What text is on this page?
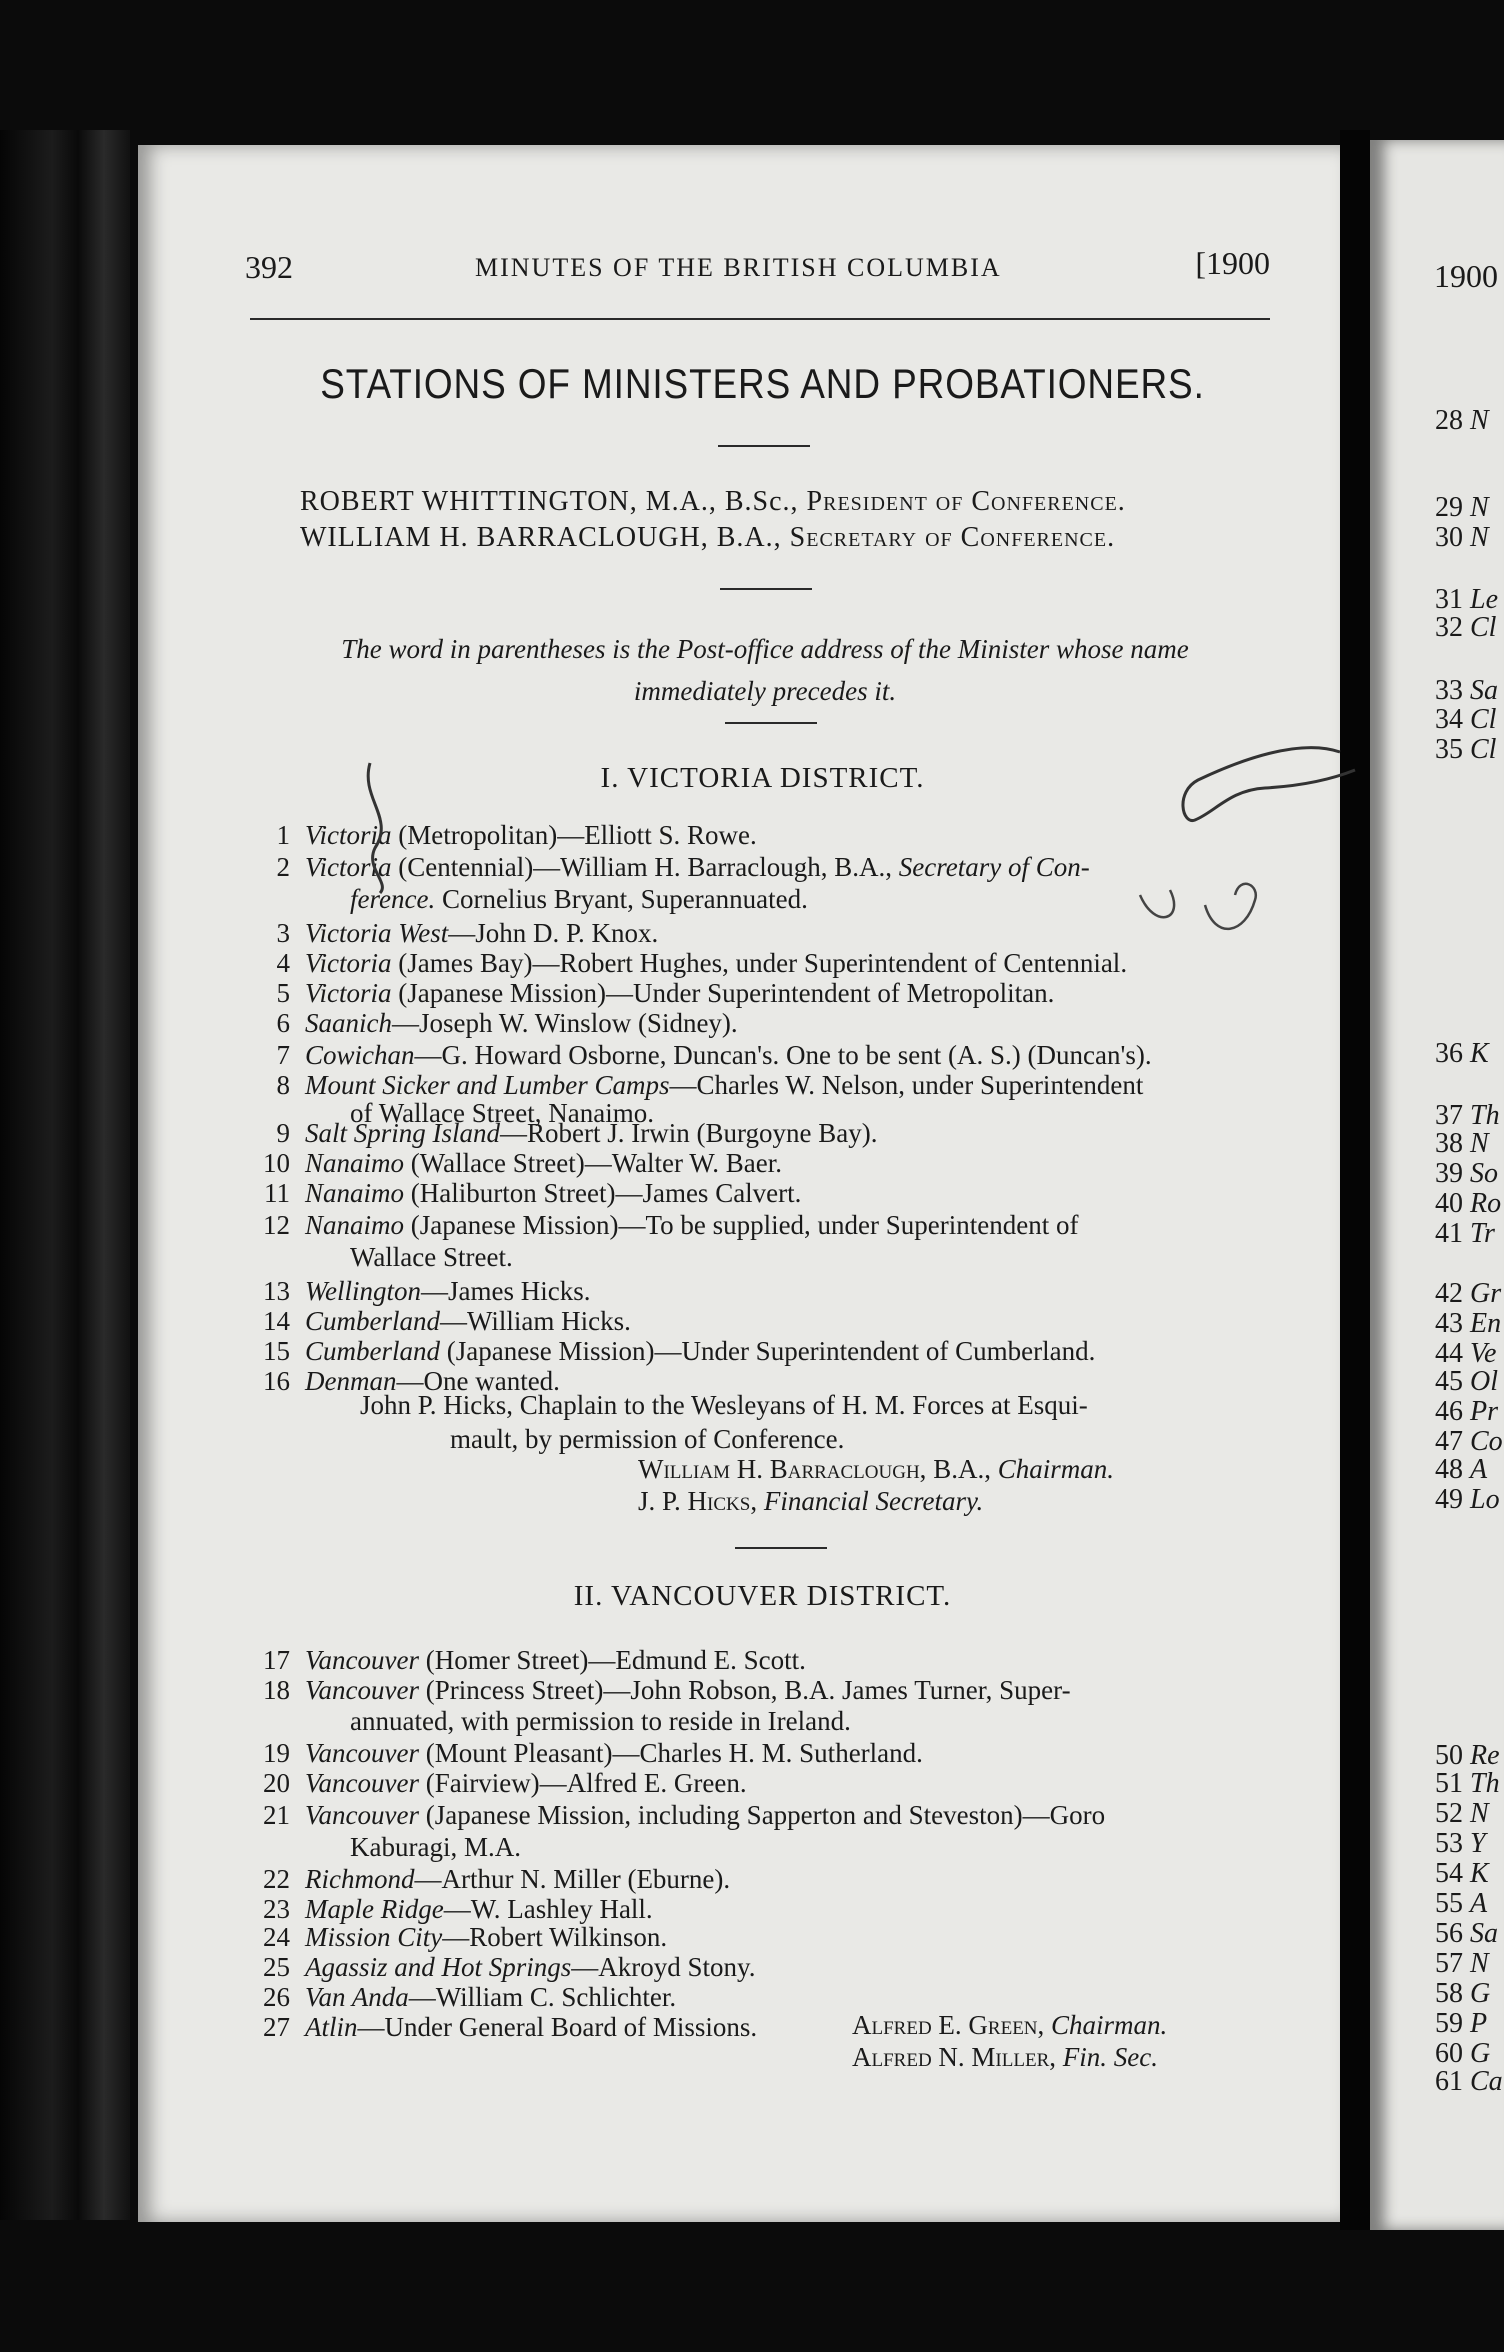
392	MINUTES OF THE BRITISH COLUMBIA	[1900
STATIONS OF MINISTERS AND PROBATIONERS.
ROBERT WHITTINGTON, M.A., B.Sc., President of Conference.
WILLIAM H. BARRACLOUGH, B.A., Secretary of Conference.
The word in parentheses is the Post-office address of the Minister whose name
immediately precedes it.
I. VICTORIA DISTRICT.
1 Victoria (Metropolitan)—Elliott S. Rowe.
2 Victoria (Centennial)—William H. Barraclough, B.A., Secretary of Con-
ference. Cornelius Bryant, Superannuated.
3 Victoria West—John D. P. Knox.
4 Victoria (James Bay)—Robert Hughes, under Superintendent of Centennial.
5 Victoria (Japanese Mission)—Under Superintendent of Metropolitan.
6 Saanich—Joseph W. Winslow (Sidney).
7 Cowichan—G. Howard Osborne, Duncan's. One to be sent (A. S.) (Duncan's).
8 Mount Sicker and Lumber Camps—Charles W. Nelson, under Superintendent
of Wallace Street, Nanaimo.
9 Salt Spring Island—Robert J. Irwin (Burgoyne Bay).
10 Nanaimo (Wallace Street)—Walter W. Baer.
11 Nanaimo (Haliburton Street)—James Calvert.
12 Nanaimo (Japanese Mission)—To be supplied, under Superintendent of
Wallace Street.
13 Wellington—James Hicks.
14 Cumberland—William Hicks.
15 Cumberland (Japanese Mission)—Under Superintendent of Cumberland.
16 Denman—One wanted.
John P. Hicks, Chaplain to the Wesleyans of H. M. Forces at Esqui-
mault, by permission of Conference.
William H. Barraclough, B.A., Chairman.
J. P. Hicks, Financial Secretary.
II. VANCOUVER DISTRICT.
17 Vancouver (Homer Street)—Edmund E. Scott.
18 Vancouver (Princess Street)—John Robson, B.A. James Turner, Super-
annuated, with permission to reside in Ireland.
19 Vancouver (Mount Pleasant)—Charles H. M. Sutherland.
20 Vancouver (Fairview)—Alfred E. Green.
21 Vancouver (Japanese Mission, including Sapperton and Steveston)—Goro
Kaburagi, M.A.
22 Richmond—Arthur N. Miller (Eburne).
23 Maple Ridge—W. Lashley Hall.
24 Mission City—Robert Wilkinson.
25 Agassiz and Hot Springs—Akroyd Stony.
26 Van Anda—William C. Schlichter.
27 Atlin—Under General Board of Missions.	Alfred E. Green, Chairman.
Alfred N. Miller, Fin. Sec.
1900
28 N
29 N
30 N
31 Le
32 Cl
33 Sa
34 Cl
35 Cl
36 K
37 Th
38 N
39 So
40 Ro
41 Tr
42 Gr
43 En
44 Ve
45 Ol
46 Pr
47 Co
48 A
49 Lo
50 Re
51 Th
52 N
53 Y
54 K
55 A
56 Sa
57 N
58 G
59 P
60 G
61 Ca
